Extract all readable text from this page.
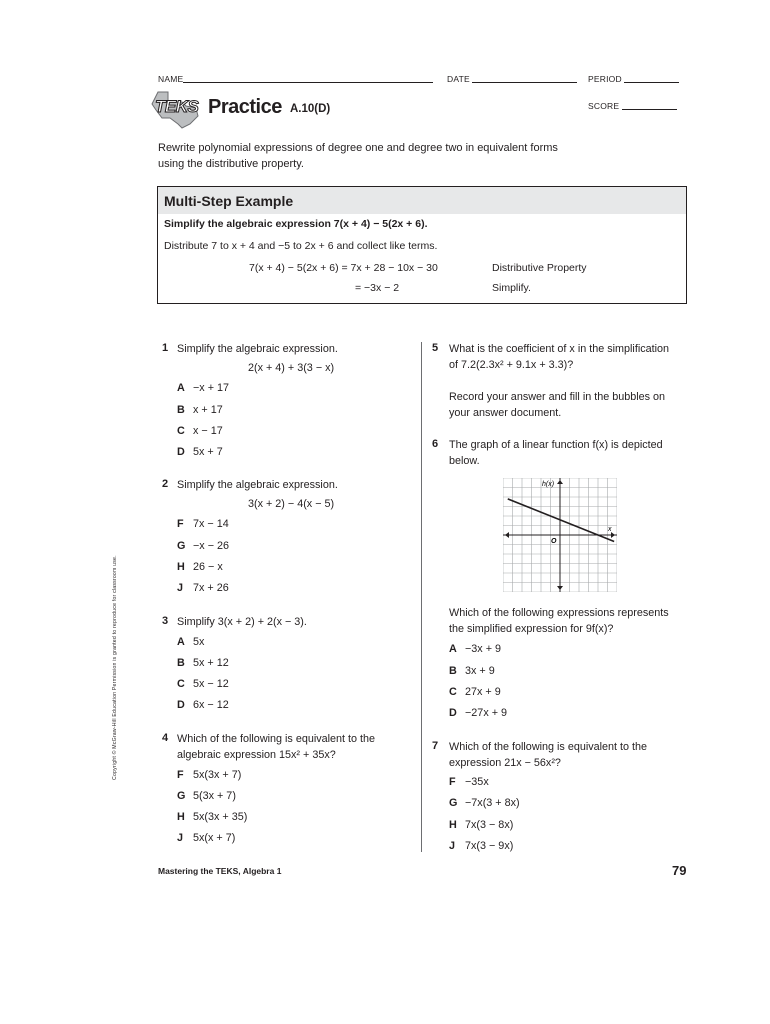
NAME	DATE	PERIOD
SCORE
TEKS Practice A.10(D)
Rewrite polynomial expressions of degree one and degree two in equivalent forms
using the distributive property.
Multi-Step Example
Simplify the algebraic expression 7(x + 4) − 5(2x + 6).
Distribute 7 to x + 4 and −5 to 2x + 6 and collect like terms.
7(x + 4) − 5(2x + 6) = 7x + 28 − 10x − 30	Distributive Property
= −3x − 2	Simplify.
Copyright © McGraw-Hill Education Permission is granted to reproduce for classroom use.
1 Simplify the algebraic expression.
2(x + 4) + 3(3 − x)
A −x + 17
B x + 17
C x − 17
D 5x + 7
2 Simplify the algebraic expression.
3(x + 2) − 4(x − 5)
F 7x − 14
G −x − 26
H 26 − x
J 7x + 26
3 Simplify 3(x + 2) + 2(x − 3).
A 5x
B 5x + 12
C 5x − 12
D 6x − 12
4 Which of the following is equivalent to the
algebraic expression 15x² + 35x?
F 5x(3x + 7)
G 5(3x + 7)
H 5x(3x + 35)
J 5x(x + 7)
5 What is the coefficient of x in the simplification
of 7.2(2.3x² + 9.1x + 3.3)?
Record your answer and fill in the bubbles on
your answer document.
6 The graph of a linear function f(x) is depicted
below.
h(x)
x
O
Which of the following expressions represents
the simplified expression for 9f(x)?
A −3x + 9
B 3x + 9
C 27x + 9
D −27x + 9
7 Which of the following is equivalent to the
expression 21x − 56x²?
F −35x
G −7x(3 + 8x)
H 7x(3 − 8x)
J 7x(3 − 9x)
Mastering the TEKS, Algebra 1	79
